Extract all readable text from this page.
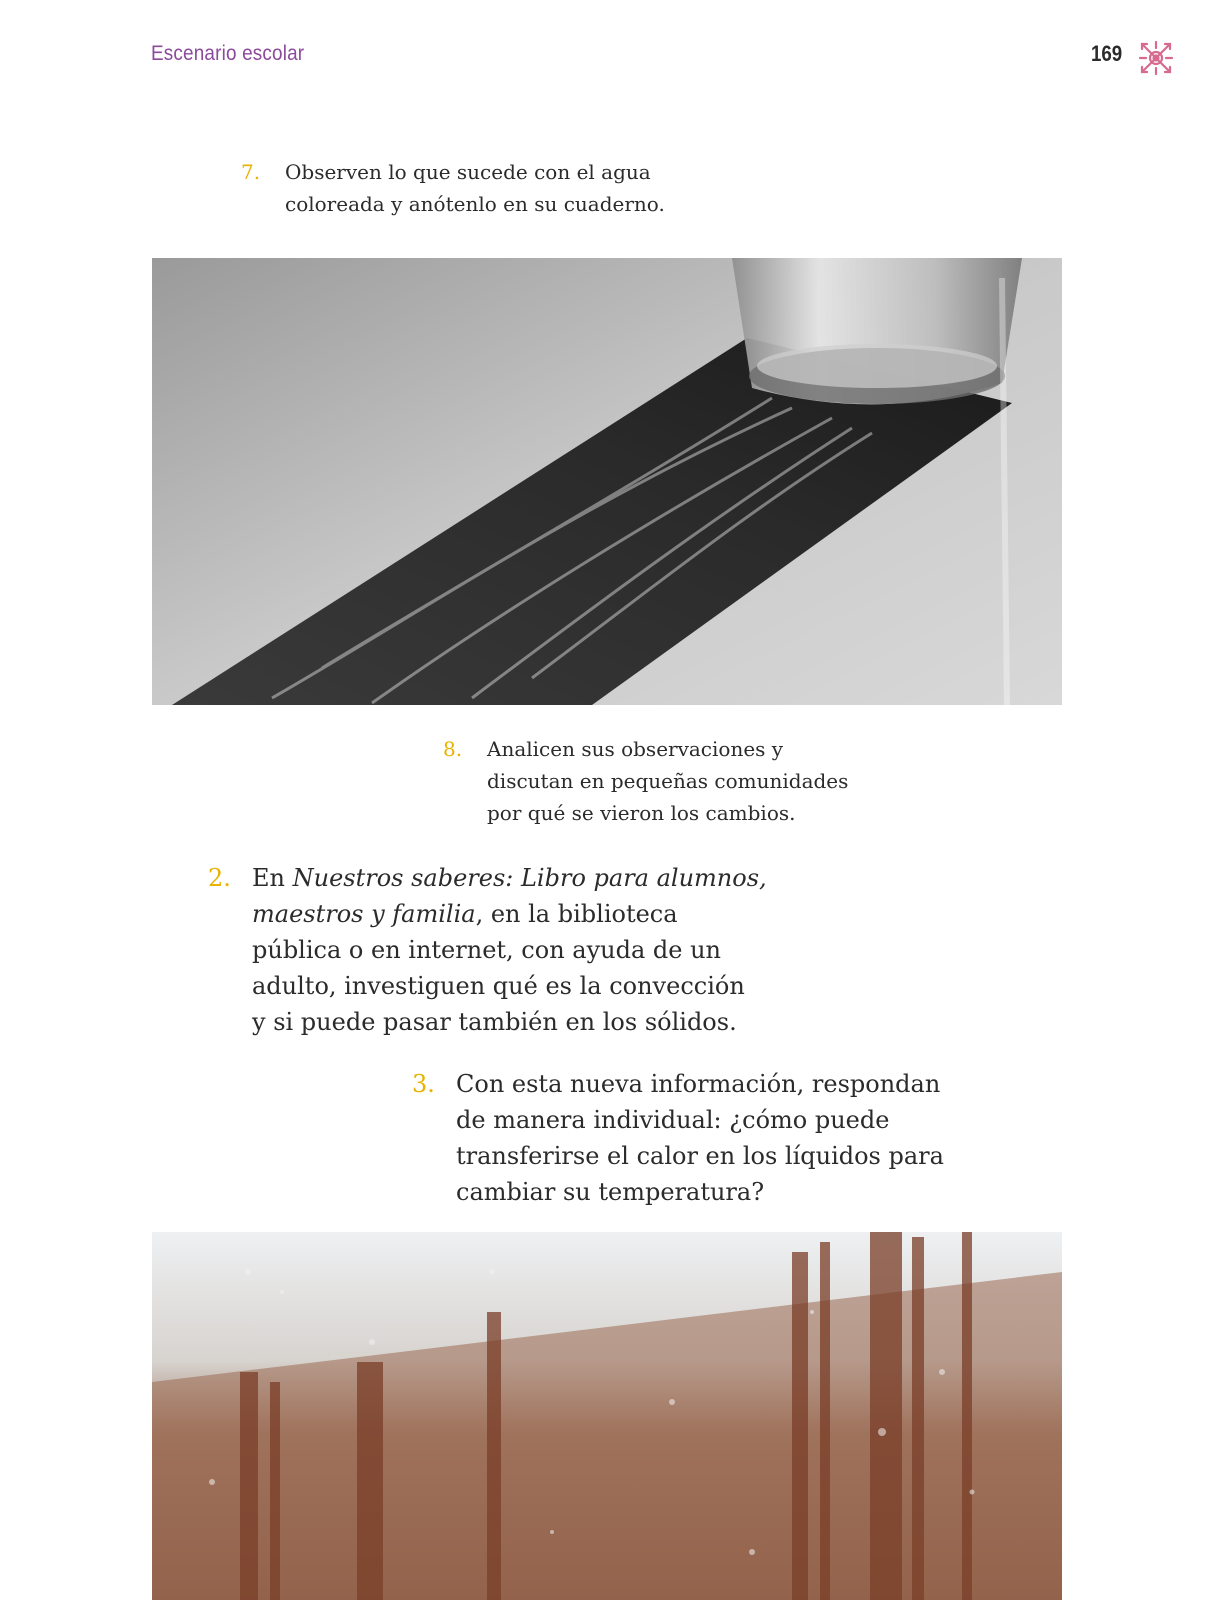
Escenario escolar	169
7. Observen lo que sucede con el agua
coloreada y anótenlo en su cuaderno.
8. Analicen sus observaciones y
discutan en pequeñas comunidades
por qué se vieron los cambios.
2. En Nuestros saberes: Libro para alumnos,
maestros y familia, en la biblioteca
pública o en internet, con ayuda de un
adulto, investiguen qué es la convección
y si puede pasar también en los sólidos.
3. Con esta nueva información, respondan
de manera individual: ¿cómo puede
transferirse el calor en los líquidos para
cambiar su temperatura?
